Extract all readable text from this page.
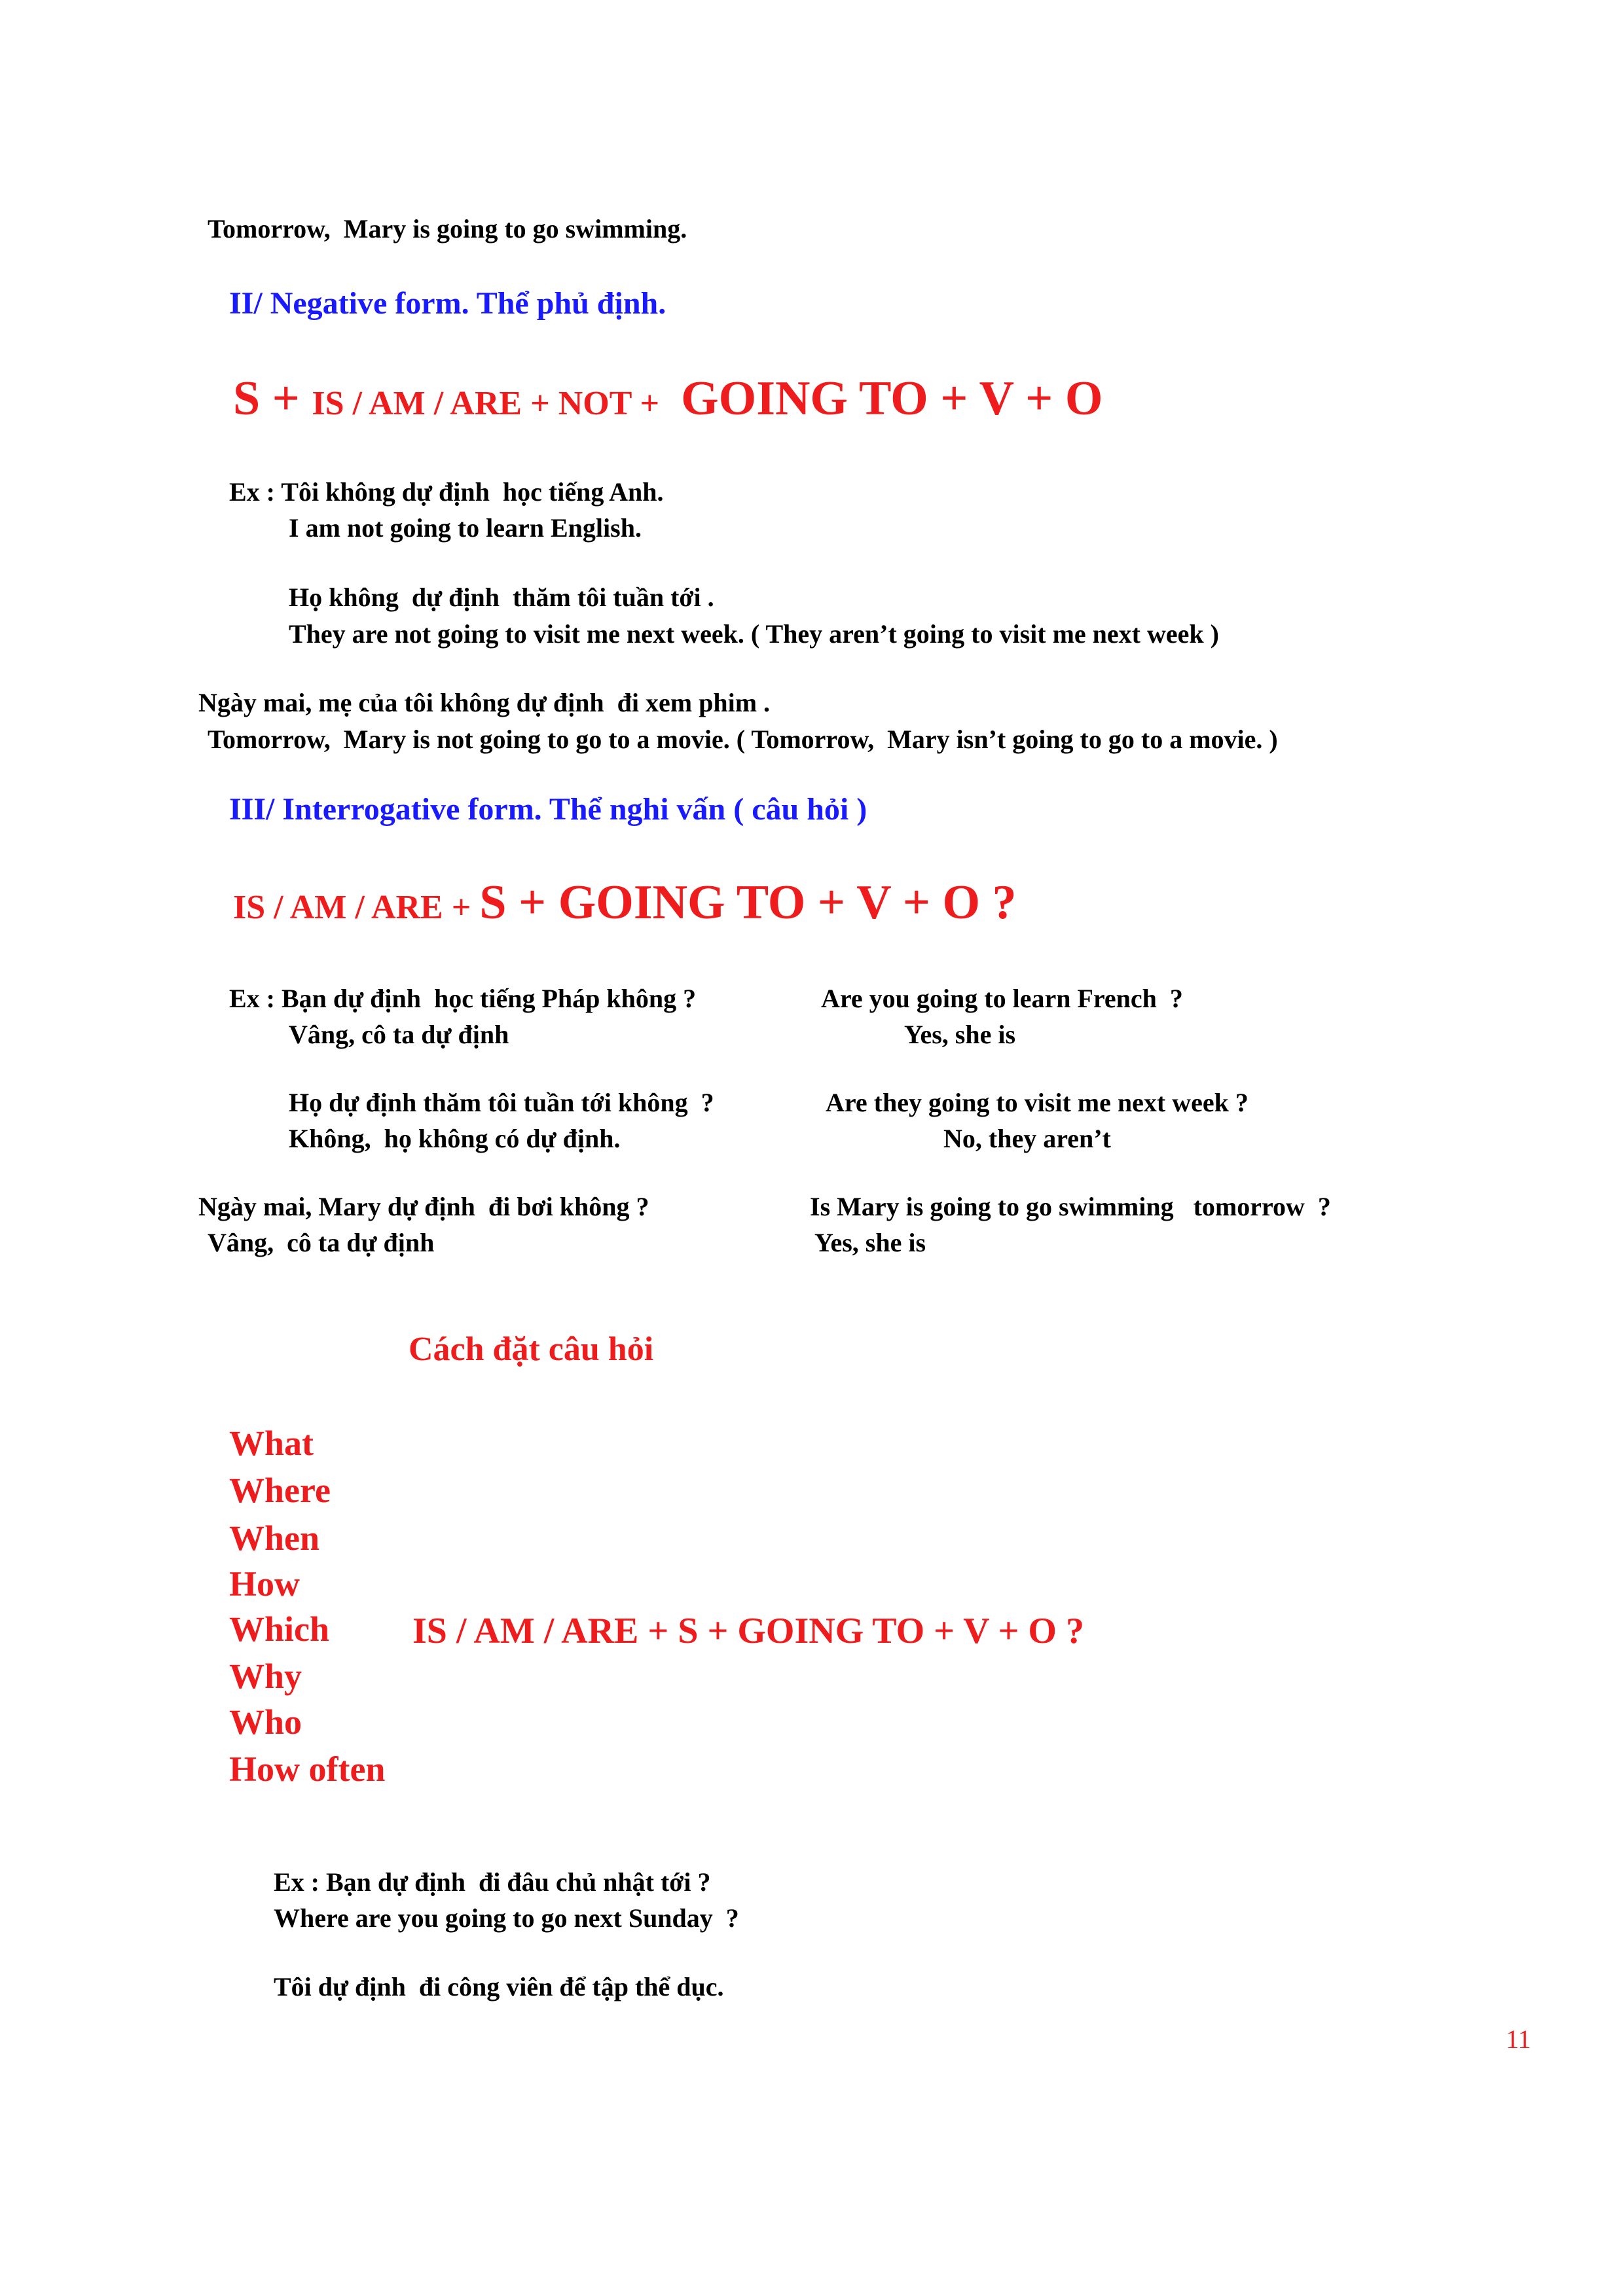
Tomorrow,  Mary is going to go swimming.
II/ Negative form. Thể phủ định.

S + IS / AM / ARE + NOT + GOING TO + V + O

Ex : Tôi không dự định  học tiếng Anh.
I am not going to learn English.
Họ không  dự định  thăm tôi tuần tới .
They are not going to visit me next week. ( They aren’t going to visit me next week )
Ngày mai, mẹ của tôi không dự định  đi xem phim .
Tomorrow,  Mary is not going to go to a movie. ( Tomorrow,  Mary isn’t going to go to a movie. )
III/ Interrogative form. Thể nghi vấn ( câu hỏi )

IS / AM / ARE + S + GOING TO + V + O ?

Ex : Bạn dự định  học tiếng Pháp không ?
Vâng, cô ta dự định
Are you going to learn French  ?
Yes, she is
Họ dự định thăm tôi tuần tới không  ?
Không,  họ không có dự định.
Are they going to visit me next week ?
No, they aren’t
Ngày mai, Mary dự định  đi bơi không ?
Vâng,  cô ta dự định
Is Mary is going to go swimming   tomorrow  ?
Yes, she is
Cách đặt câu hỏi
What
Where
When
How
Which
Why
Who
How often
IS / AM / ARE + S + GOING TO + V + O ?
Ex : Bạn dự định  đi đâu chủ nhật tới ?
Where are you going to go next Sunday  ?
Tôi dự định  đi công viên để tập thể dục.
11
